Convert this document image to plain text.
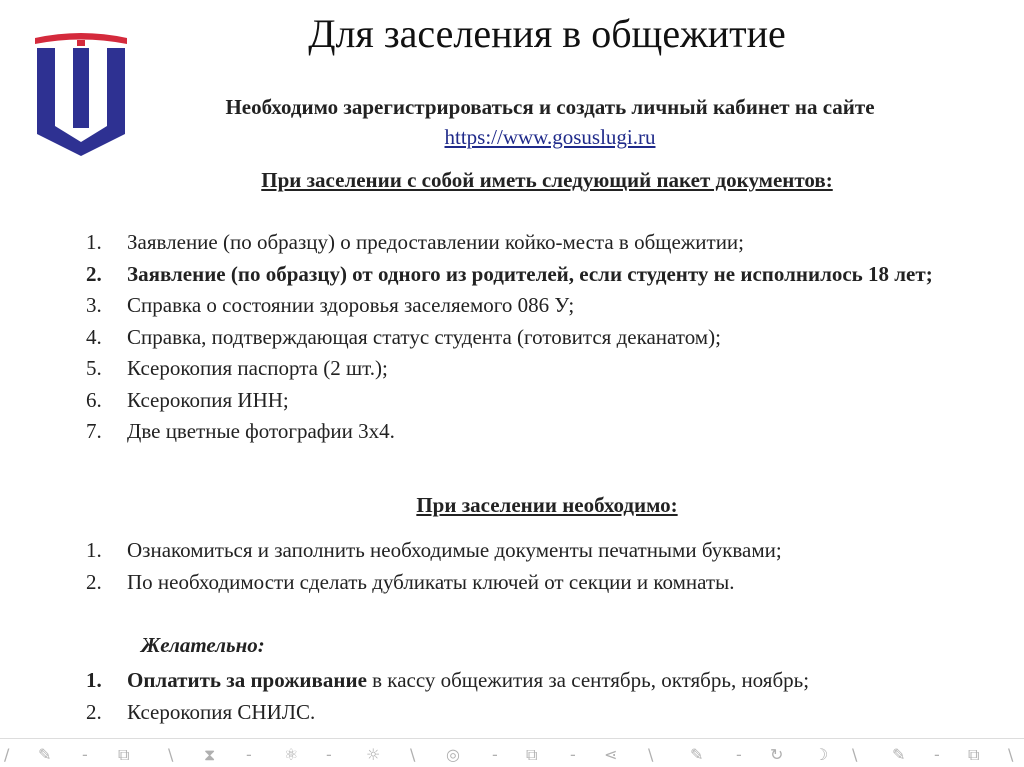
Для заселения в общежитие
Необходимо зарегистрироваться и создать личный кабинет на сайте
https://www.gosuslugi.ru
При заселении с собой иметь следующий пакет документов:
1. Заявление (по образцу) о предоставлении койко-места в общежитии;
2. Заявление (по образцу) от одного из родителей, если студенту не исполнилось 18 лет;
3. Справка о состоянии здоровья заселяемого 086 У;
4. Справка, подтверждающая статус студента (готовится деканатом);
5. Ксерокопия паспорта (2 шт.);
6. Ксерокопия ИНН;
7. Две цветные фотографии 3х4.
При заселении необходимо:
1. Ознакомиться и заполнить необходимые документы печатными буквами;
2. По необходимости сделать дубликаты ключей от секции и комнаты.
Желательно:
1. Оплатить за проживание в кассу общежития за сентябрь, октябрь, ноябрь;
2. Ксерокопия СНИЛС.
/ ✎ - ⧉ \ ⧗ - ⚛ - ☼ \ ◎ - ⧉ - ⋖ \ ✎ - ↻ ☽ \ ✎ - ⧉ \
